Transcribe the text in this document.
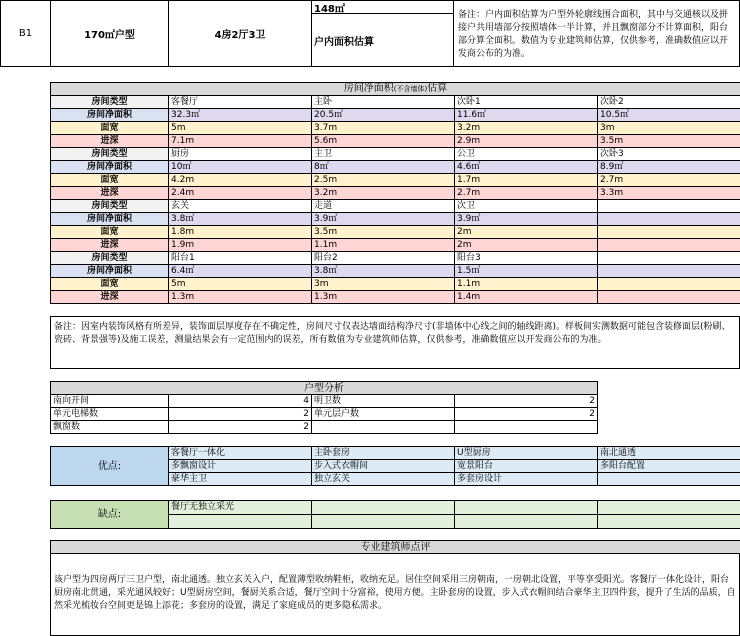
B1	170㎡户型	4房2厅3卫
148㎡
户内面积估算
备注：户内面积估算为户型外轮廓线围合面积，其中与交通核以及拼接户共用墙部分按照墙体一半计算，并且飘窗部分不计算面积，阳台部分算全面积。数值为专业建筑师估算，仅供参考，准确数值应以开发商公布的为准。
房间净面积(不含墙体)估算				
房间类型	客餐厅	主卧	次卧1	次卧2
房间净面积	32.3㎡	20.5㎡	11.6㎡	10.5㎡
面宽	5m	3.7m	3.2m	3m
进深	7.1m	5.6m	2.9m	3.5m
房间类型	厨房	主卫	公卫	次卧3
房间净面积	10㎡	8㎡	4.6㎡	8.9㎡
面宽	4.2m	2.5m	1.7m	2.7m
进深	2.4m	3.2m	2.7m	3.3m
房间类型	玄关	走道	次卫	
房间净面积	3.8㎡	3.9㎡	3.9㎡	
面宽	1.8m	3.5m	2m	
进深	1.9m	1.1m	2m	
房间类型	阳台1	阳台2	阳台3	
房间净面积	6.4㎡	3.8㎡	1.5㎡	
面宽	5m	3m	1.1m	
进深	1.3m	1.3m	1.4m	
备注：因室内装饰风格有所差异，装饰面层厚度存在不确定性，房间尺寸仅表达墙面结构净尺寸(非墙体中心线之间的轴线距离)。样板间实测数据可能包含装修面层(粉刷、瓷砖、背景强等)及施工误差，测量结果会有一定范围内的误差，所有数值为专业建筑师估算，仅供参考，准确数值应以开发商公布的为准。
户型分析			
南向开间	4	明卫数	2
单元电梯数	2	单元层户数	2
飘窗数	2		
优点:	客餐厅一体化	主卧套房	U型厨房	南北通透
	多飘窗设计	步入式衣帽间	宽景阳台	多阳台配置
	豪华主卫	独立玄关	多套房设计	
缺点:	餐厅无独立采光			

专业建筑师点评
该户型为四房两厅三卫户型，南北通透。独立玄关入户，配置薄型收纳鞋柜，收纳充足。居住空间采用三房朝南，一房朝北设置，平等享受阳光。客餐厅一体化设计，阳台厨房南北贯通，采光通风较好；U型厨房空间，餐厨关系合适，餐厅空间十分富裕，使用方便。主卧套房的设置，步入式衣帽间结合豪华主卫四件套，提升了生活的品质，自然采光梳妆台空间更是锦上添花；多套房的设置，满足了家庭成员的更多隐私需求。
